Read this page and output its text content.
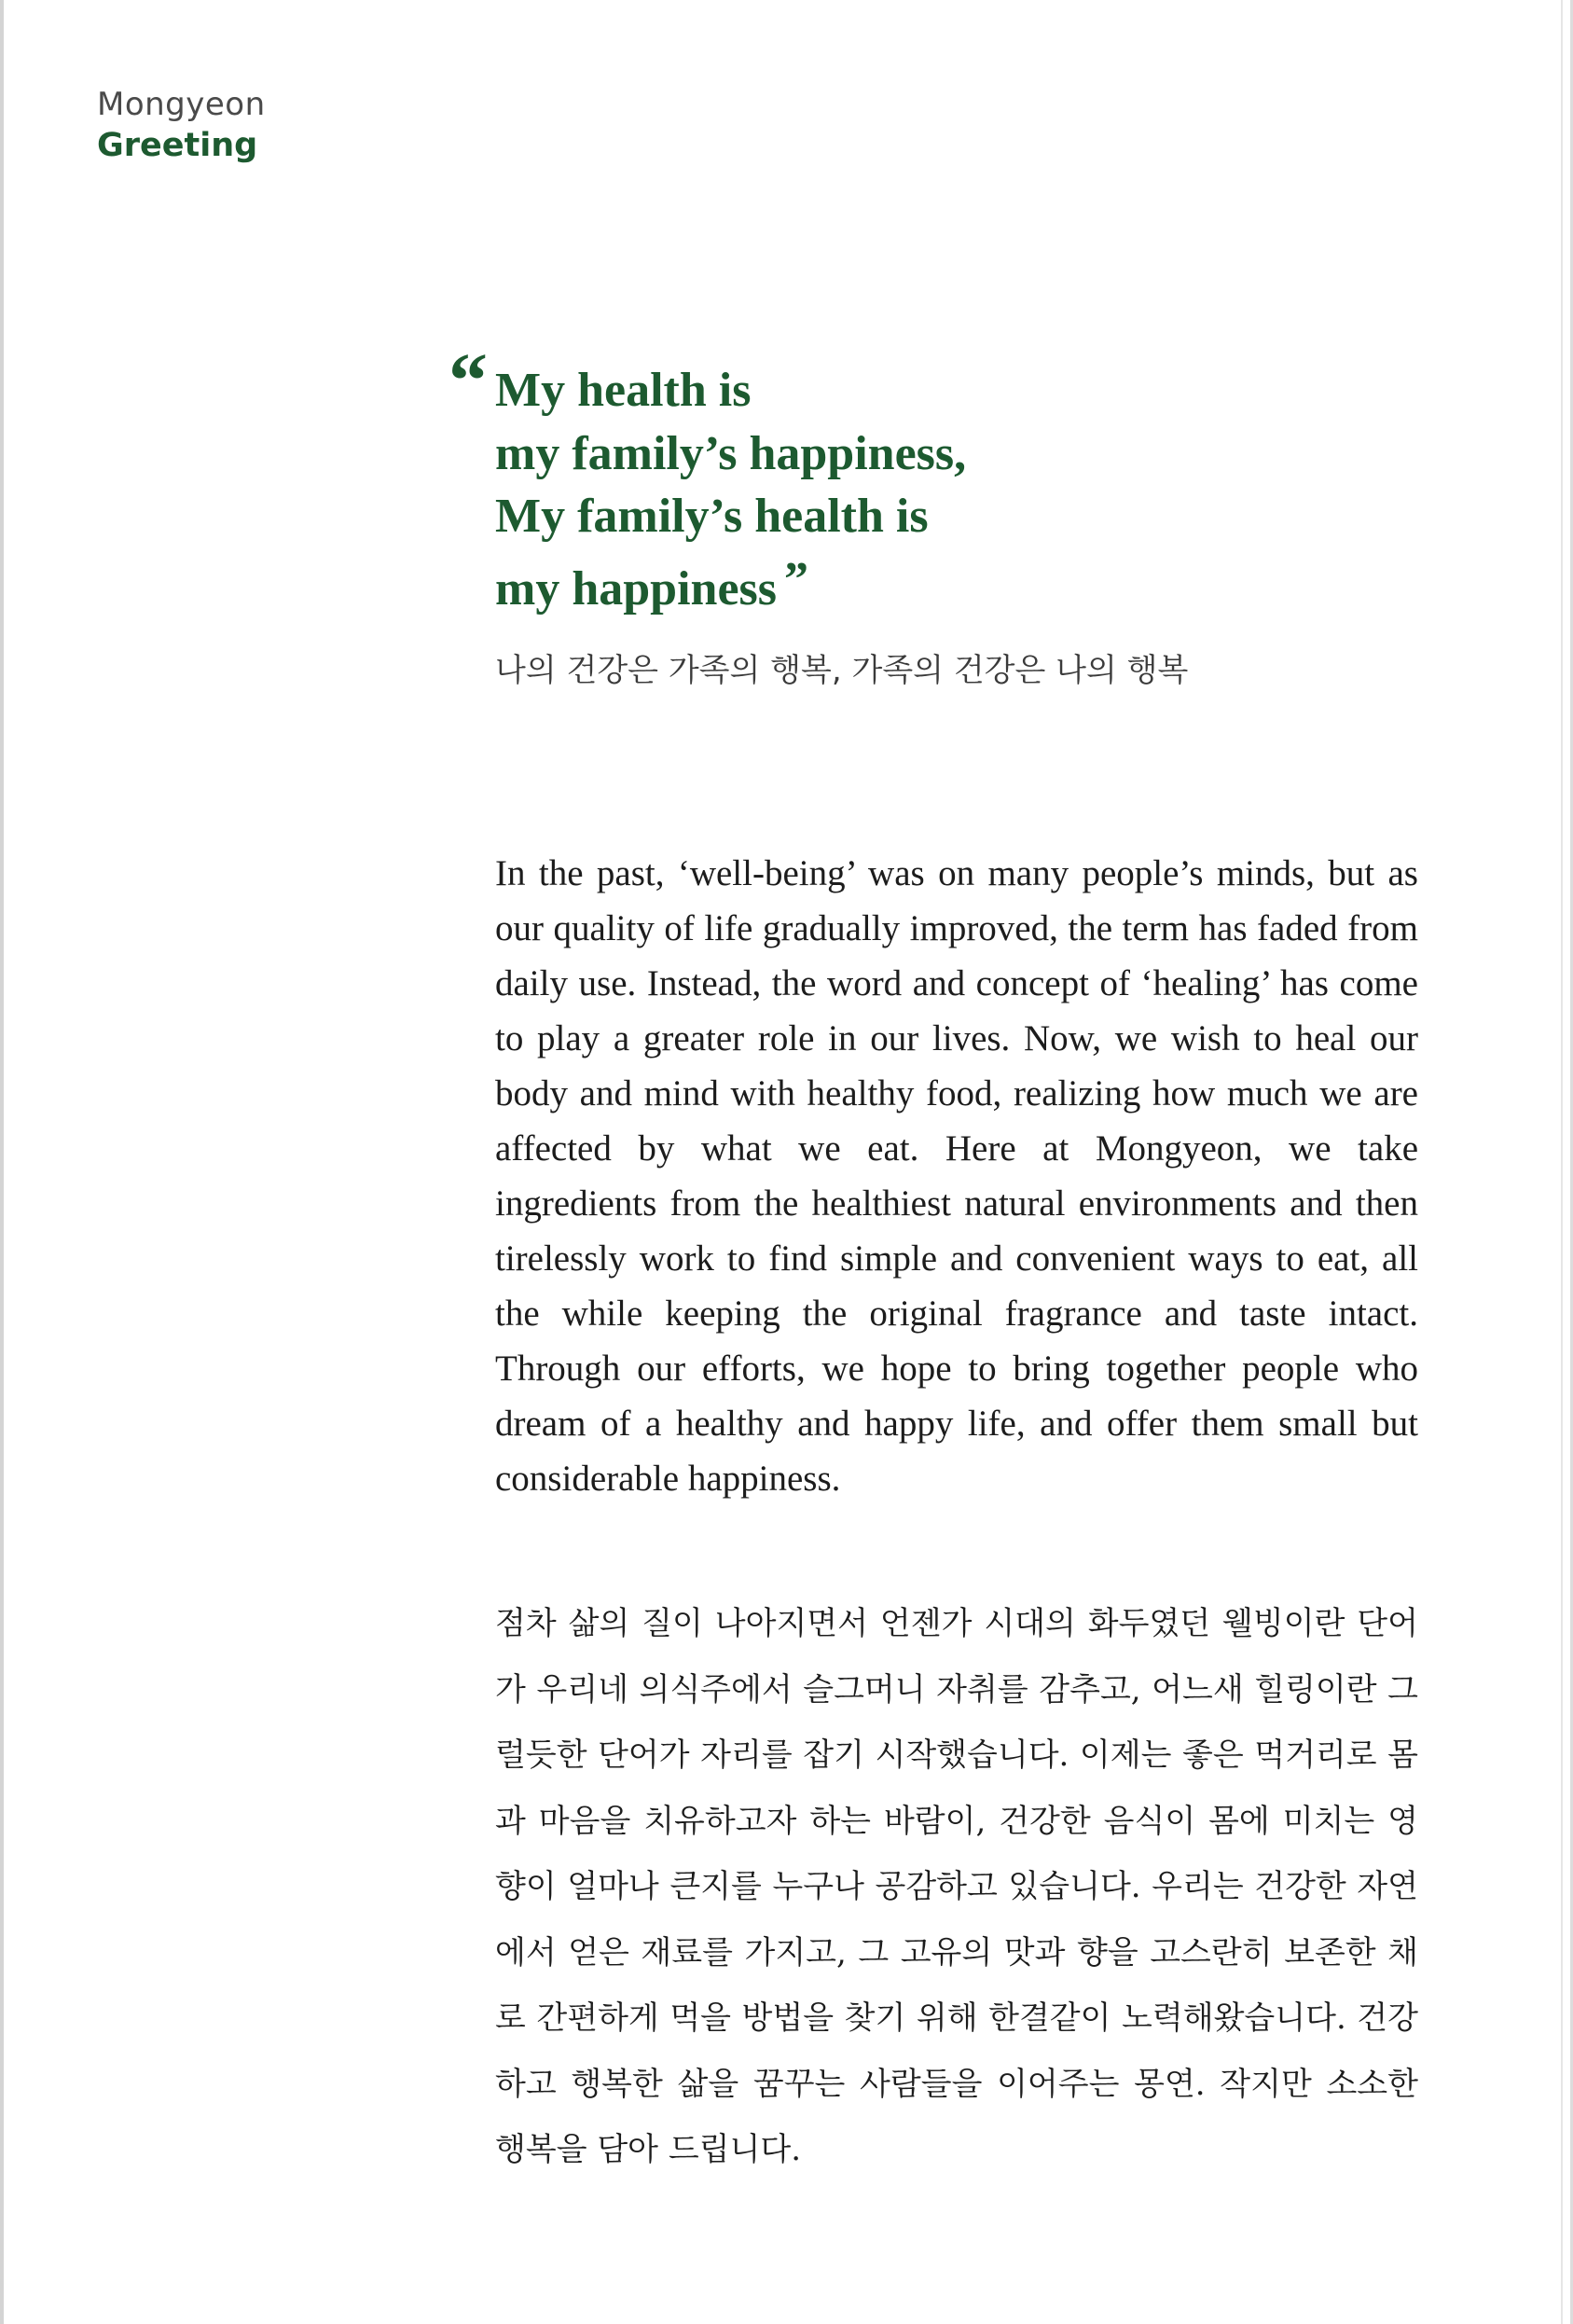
Mongyeon
Greeting
“ My health is
my family’s happiness,
My family’s health is
my happiness ”
나의 건강은 가족의 행복, 가족의 건강은 나의 행복

In the past, ‘well-being’ was on many people’s minds, but as our quality of life gradually improved, the term has faded from daily use. Instead, the word and concept of ‘healing’ has come to play a greater role in our lives. Now, we wish to heal our body and mind with healthy food, realizing how much we are affected by what we eat. Here at Mongyeon, we take ingredients from the healthiest natural environments and then tirelessly work to find simple and convenient ways to eat, all the while keeping the original fragrance and taste intact. Through our efforts, we hope to bring together people who dream of a healthy and happy life, and offer them small but considerable happiness.

점차 삶의 질이 나아지면서 언젠가 시대의 화두였던 웰빙이란 단어가 우리네 의식주에서 슬그머니 자취를 감추고, 어느새 힐링이란 그럴듯한 단어가 자리를 잡기 시작했습니다. 이제는 좋은 먹거리로 몸과 마음을 치유하고자 하는 바람이, 건강한 음식이 몸에 미치는 영향이 얼마나 큰지를 누구나 공감하고 있습니다. 우리는 건강한 자연에서 얻은 재료를 가지고, 그 고유의 맛과 향을 고스란히 보존한 채로 간편하게 먹을 방법을 찾기 위해 한결같이 노력해왔습니다. 건강하고 행복한 삶을 꿈꾸는 사람들을 이어주는 몽연. 작지만 소소한 행복을 담아 드립니다.
